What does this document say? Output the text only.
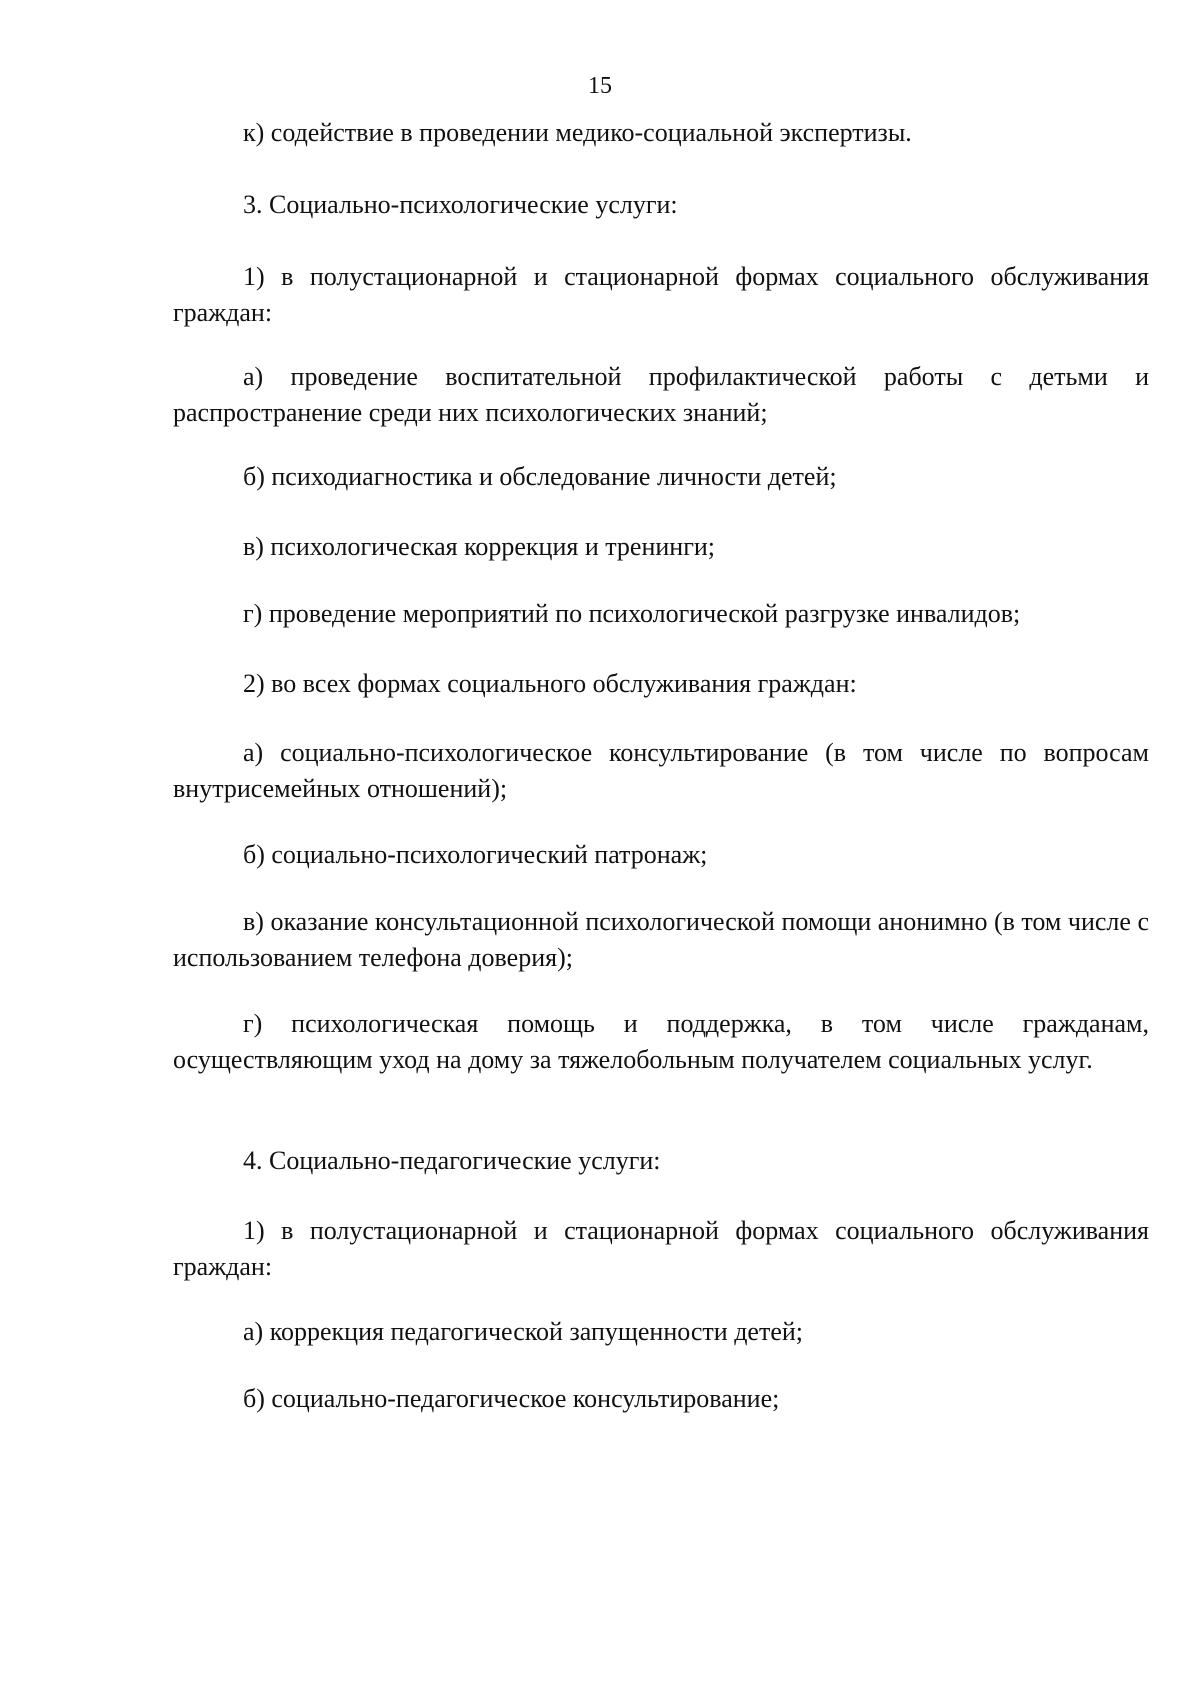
15

к) содействие в проведении медико-социальной экспертизы.

3. Социально-психологические услуги:

1) в полустационарной и стационарной формах социального обслуживания граждан:

а) проведение воспитательной профилактической работы с детьми и распространение среди них психологических знаний;

б) психодиагностика и обследование личности детей;

в) психологическая коррекция и тренинги;

г) проведение мероприятий по психологической разгрузке инвалидов;

2) во всех формах социального обслуживания граждан:

а) социально-психологическое консультирование (в том числе по вопросам внутрисемейных отношений);

б) социально-психологический патронаж;

в) оказание консультационной психологической помощи анонимно (в том числе с использованием телефона доверия);

г) психологическая помощь и поддержка, в том числе гражданам, осуществляющим уход на дому за тяжелобольным получателем социальных услуг.

4. Социально-педагогические услуги:

1) в полустационарной и стационарной формах социального обслуживания граждан:

а) коррекция педагогической запущенности детей;

б) социально-педагогическое консультирование;
